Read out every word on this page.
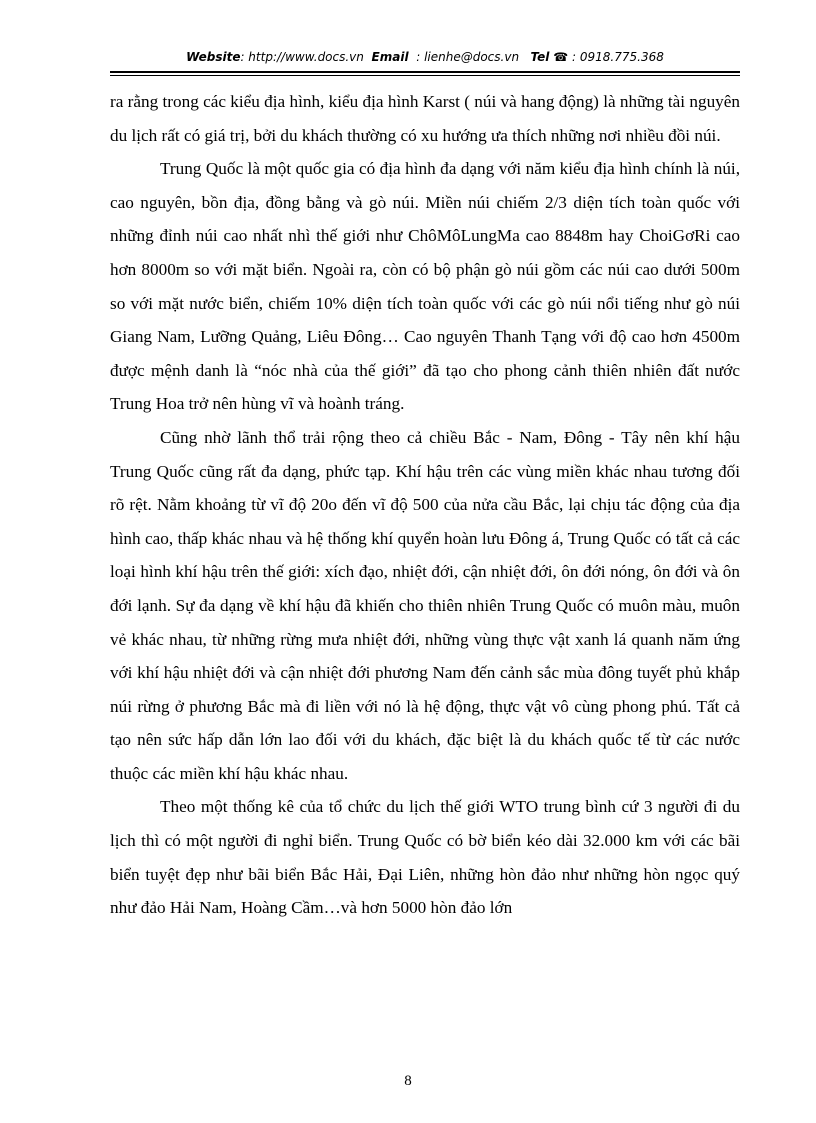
Website: http://www.docs.vn Email : lienhe@docs.vn Tel ☎ : 0918.775.368

ra rằng trong các kiểu địa hình, kiểu địa hình Karst ( núi và hang động) là những tài nguyên du lịch rất có giá trị, bởi du khách thường có xu hướng ưa thích những nơi nhiều đồi núi.

Trung Quốc là một quốc gia có địa hình đa dạng với năm kiểu địa hình chính là núi, cao nguyên, bồn địa, đồng bằng và gò núi. Miền núi chiếm 2/3 diện tích toàn quốc với những đỉnh núi cao nhất nhì thế giới như ChôMôLungMa cao 8848m hay ChoiGơRi cao hơn 8000m so với mặt biển. Ngoài ra, còn có bộ phận gò núi gồm các núi cao dưới 500m so với mặt nước biển, chiếm 10% diện tích toàn quốc với các gò núi nổi tiếng như gò núi Giang Nam, Lưỡng Quảng, Liêu Đông… Cao nguyên Thanh Tạng với độ cao hơn 4500m được mệnh danh là “nóc nhà của thế giới” đã tạo cho phong cảnh thiên nhiên đất nước Trung Hoa trở nên hùng vĩ và hoành tráng.

Cũng nhờ lãnh thổ trải rộng theo cả chiều Bắc - Nam, Đông - Tây nên khí hậu Trung Quốc cũng rất đa dạng, phức tạp. Khí hậu trên các vùng miền khác nhau tương đối rõ rệt. Nằm khoảng từ vĩ độ 20o đến vĩ độ 500 của nửa cầu Bắc, lại chịu tác động của địa hình cao, thấp khác nhau và hệ thống khí quyển hoàn lưu Đông á, Trung Quốc có tất cả các loại hình khí hậu trên thế giới: xích đạo, nhiệt đới, cận nhiệt đới, ôn đới nóng, ôn đới và ôn đới lạnh. Sự đa dạng về khí hậu đã khiến cho thiên nhiên Trung Quốc có muôn màu, muôn vẻ khác nhau, từ những rừng mưa nhiệt đới, những vùng thực vật xanh lá quanh năm ứng với khí hậu nhiệt đới và cận nhiệt đới phương Nam đến cảnh sắc mùa đông tuyết phủ khắp núi rừng ở phương Bắc mà đi liền với nó là hệ động, thực vật vô cùng phong phú. Tất cả tạo nên sức hấp dẫn lớn lao đối với du khách, đặc biệt là du khách quốc tế từ các nước thuộc các miền khí hậu khác nhau.

Theo một thống kê của tổ chức du lịch thế giới WTO trung bình cứ 3 người đi du lịch thì có một người đi nghỉ biển. Trung Quốc có bờ biển kéo dài 32.000 km với các bãi biển tuyệt đẹp như bãi biển Bắc Hải, Đại Liên, những hòn đảo như những hòn ngọc quý như đảo Hải Nam, Hoàng Cầm…và hơn 5000 hòn đảo lớn

8
